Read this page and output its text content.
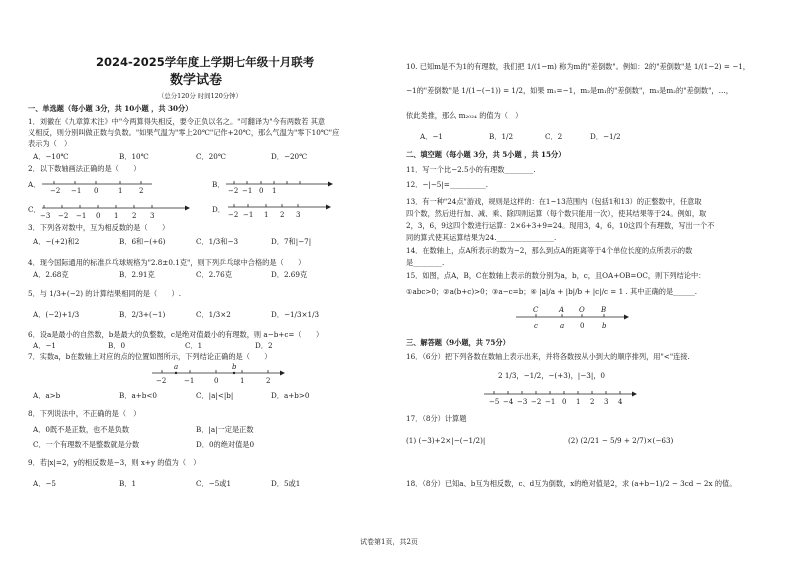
2024-2025学年度上学期七年级十月联考
数学试卷
（总分120分 时间120分钟）
一、单选题（每小题 3分，共 10小题 ，共 30分）
1．刘徽在《九章算术注》中"今两算得失相反，要令正负以名之。"可翻译为"今有两数若 其意
义相反，则分别叫做正数与负数。"如果气温为"零上20℃"记作+20℃，那么气温为"零下10℃"应
表示为（　）
A．−10℃	B．10℃	C．20℃	D．−20℃
2．以下数轴画法正确的是（　　）
A．	B．
C．	D．
−2 −1 0	1 2	−2 −1 0 1
−3 −2 −1 0 1 2 3	−2 −1 1 2 3
3．下列各对数中，互为相反数的是（　　）
A．−(+2)和2	B．6和−(+6)	C．1/3和−3	D．7和|−7|
4．现今国际通用的标准乒乓球规格为"2.8±0.1克"，则下列乒乓球中合格的是（　　）
A．2.68克	B．2.91克	C．2.76克	D．2.69克
5．与 1/3+(−2) 的计算结果相同的是（　　）.
A．(−2)+1/3	B．2/3+(−1)	C．1/3×2	D．−1/3×1/3
6．设a是最小的自然数，b是最大的负整数，c是绝对值最小的有理数，则 a−b+c=（　　）
A．−1	B．0	C．1	D．2
7．实数a，b在数轴上对应的点的位置如图所示，下列结论正确的是（　　）
a	b
−2	−1	0	1	2
A．a>b	B．a+b<0	C．|a|<|b|	D．a+b>0
8．下列说法中，不正确的是（　）
A．0既不是正数，也不是负数	B．|a|一定是正数
C．一个有理数不是整数就是分数	D．0的绝对值是0
9．若|x|=2，y的相反数是−3，则 x+y 的值为（　）
A．−5	B．1	C．−5或1	D．5或1
10. 已知m是不为1的有理数，我们把 1/(1−m) 称为m的"差倒数"。例如：2的"差倒数"是 1/(1−2) = −1，
−1的"差倒数"是 1/(1−(−1)) = 1/2，如果 m₁=−1，m₂是m₁的"差倒数"，m₃是m₂的"差倒数"，…，
依此类推，那么 m₂₀₂₄ 的值为（　）
A．−1	B．1/2	C．2	D．−1/2
二、填空题（每小题 3分，共 5小题 ，共 15分）
11．写一个比−2.5小的有理数________.
12．−|−5|=__________.
13．有一种"24点"游戏，规则是这样的：在1~13范围内（包括1和13）的正整数中，任意取
四个数，然后进行加、减、乘、除四则运算（每个数只能用一次），使其结果等于24。例如，取
2，3，6，9这四个数进行运算：2×6+3+9=24。现用3，4，6，10这四个有理数，写出一个不
同的算式使其运算结果为24.________________.
14．在数轴上，点A所表示的数为−2，那么到点A的距离等于4个单位长度的点所表示的数
是________.
15．如图，点A，B，C在数轴上表示的数分别为a，b，c，且OA+OB=OC，则下列结论中：
①abc>0；②a(b+c)>0；③a−c=b；④ |a|/a + |b|/b + |c|/c = 1 . 其中正确的是______.
C	A O B
c	a 0	b
三、解答题（9小题，共 75分）
16．（6分）把下列各数在数轴上表示出来，并将各数按从小到大的顺序排列，用"<"连接.
2 1/3，−1/2，−(+3)，|−3|，0
−5 −4 −3 −2 −1 0 1 2 3 4
17．（8分）计算题
(1) (−3)+2×|−(−1/2)|	(2) (2/21 − 5/9 + 2/7)×(−63)
18．（8分）已知a、b互为相反数，c、d互为倒数，x的绝对值是2，求 (a+b−1)/2 − 3cd − 2x 的值。
试卷第1页，共2页
